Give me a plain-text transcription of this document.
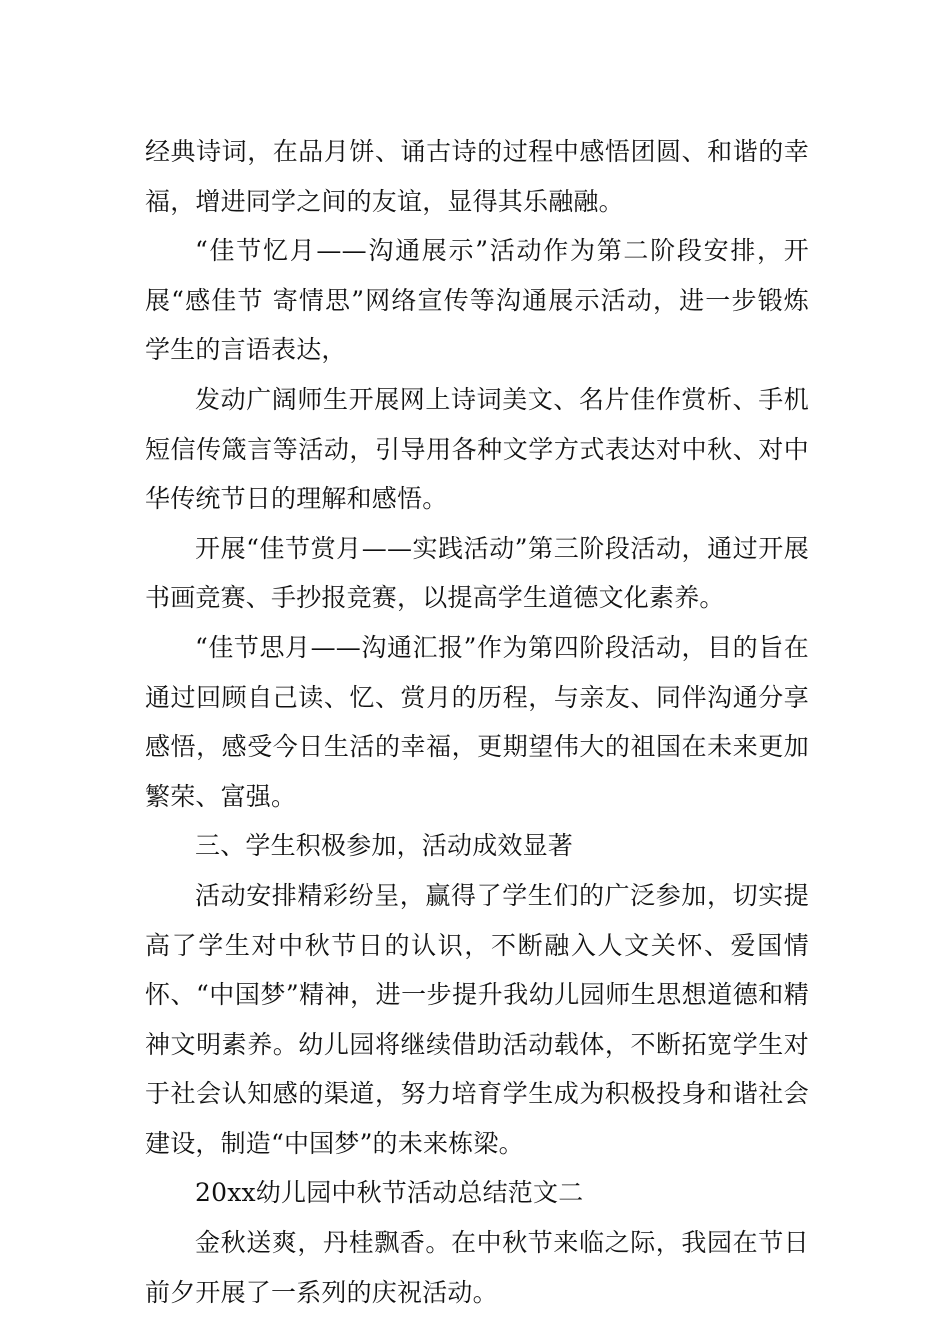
经典诗词，在品月饼、诵古诗的过程中感悟团圆、和谐的幸福，增进同学之间的友谊，显得其乐融融。

“佳节忆月——沟通展示”活动作为第二阶段安排，开展“感佳节 寄情思”网络宣传等沟通展示活动，进一步锻炼学生的言语表达，

发动广阔师生开展网上诗词美文、名片佳作赏析、手机短信传箴言等活动，引导用各种文学方式表达对中秋、对中华传统节日的理解和感悟。

开展“佳节赏月——实践活动”第三阶段活动，通过开展书画竞赛、手抄报竞赛，以提高学生道德文化素养。

“佳节思月——沟通汇报”作为第四阶段活动，目的旨在通过回顾自己读、忆、赏月的历程，与亲友、同伴沟通分享感悟，感受今日生活的幸福，更期望伟大的祖国在未来更加繁荣、富强。

三、学生积极参加，活动成效显著

活动安排精彩纷呈，赢得了学生们的广泛参加，切实提高了学生对中秋节日的认识，不断融入人文关怀、爱国情怀、“中国梦”精神，进一步提升我幼儿园师生思想道德和精神文明素养。幼儿园将继续借助活动载体，不断拓宽学生对于社会认知感的渠道，努力培育学生成为积极投身和谐社会建设，制造“中国梦”的未来栋梁。

20xx幼儿园中秋节活动总结范文二

金秋送爽，丹桂飘香。在中秋节来临之际，我园在节日前夕开展了一系列的庆祝活动。
